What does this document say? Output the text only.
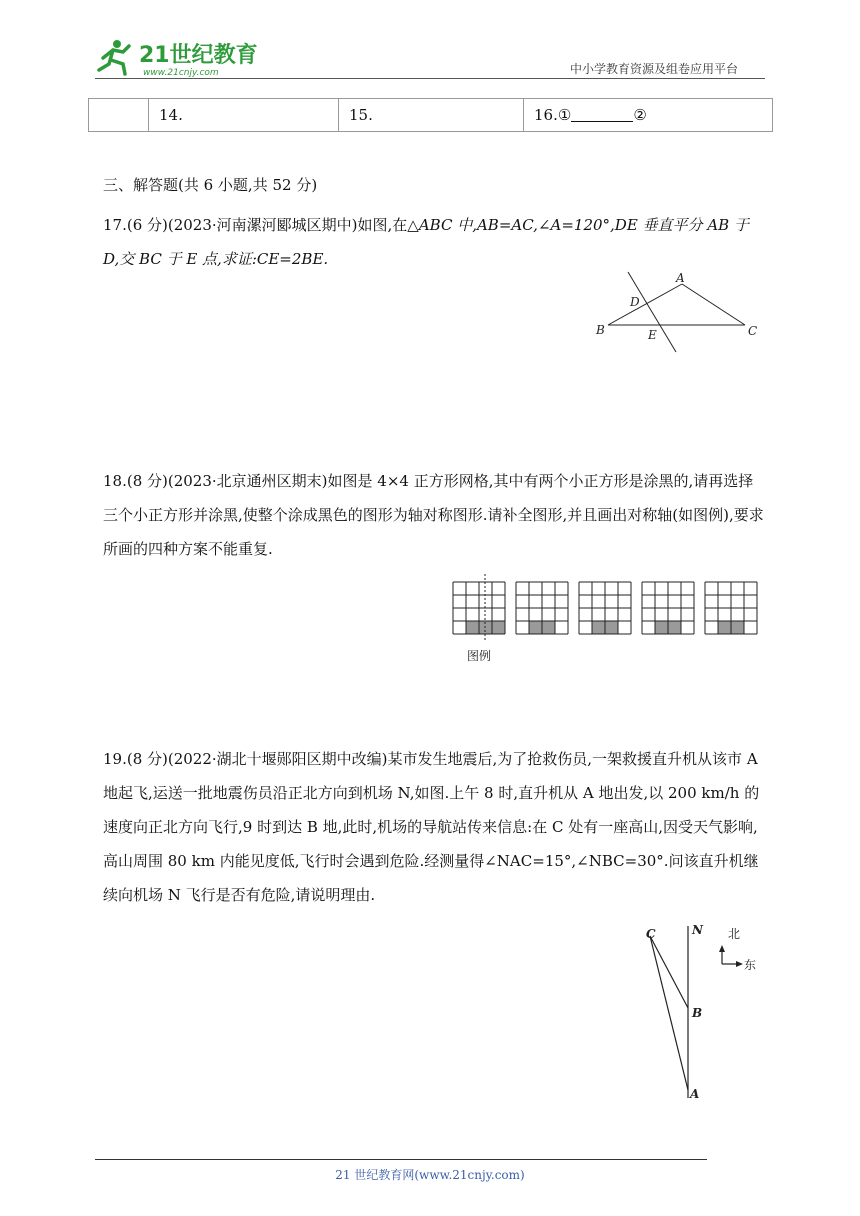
21世纪教育
www.21cnjy.com	中小学教育资源及组卷应用平台
	14.	15.	16.①	②
三、解答题(共 6 小题,共 52 分)
17.(6 分)(2023·河南漯河郾城区期中)如图,在△ABC 中,AB=AC,∠A=120°,DE 垂直平分 AB 于 D,交 BC 于 E 点,求证:CE=2BE.
A
D
B	E	C
18.(8 分)(2023·北京通州区期末)如图是 4×4 正方形网格,其中有两个小正方形是涂黑的,请再选择三个小正方形并涂黑,使整个涂成黑色的图形为轴对称图形.请补全图形,并且画出对称轴(如图例),要求所画的四种方案不能重复.
图例
19.(8 分)(2022·湖北十堰郧阳区期中改编)某市发生地震后,为了抢救伤员,一架救援直升机从该市 A 地起飞,运送一批地震伤员沿正北方向到机场 N,如图.上午 8 时,直升机从 A 地出发,以 200 km/h 的速度向正北方向飞行,9 时到达 B 地,此时,机场的导航站传来信息:在 C 处有一座高山,因受天气影响,高山周围 80 km 内能见度低,飞行时会遇到危险.经测量得∠NAC=15°,∠NBC=30°.问该直升机继续向机场 N 飞行是否有危险,请说明理由.
C	N
B
A
北
东
21 世纪教育网(www.21cnjy.com)
